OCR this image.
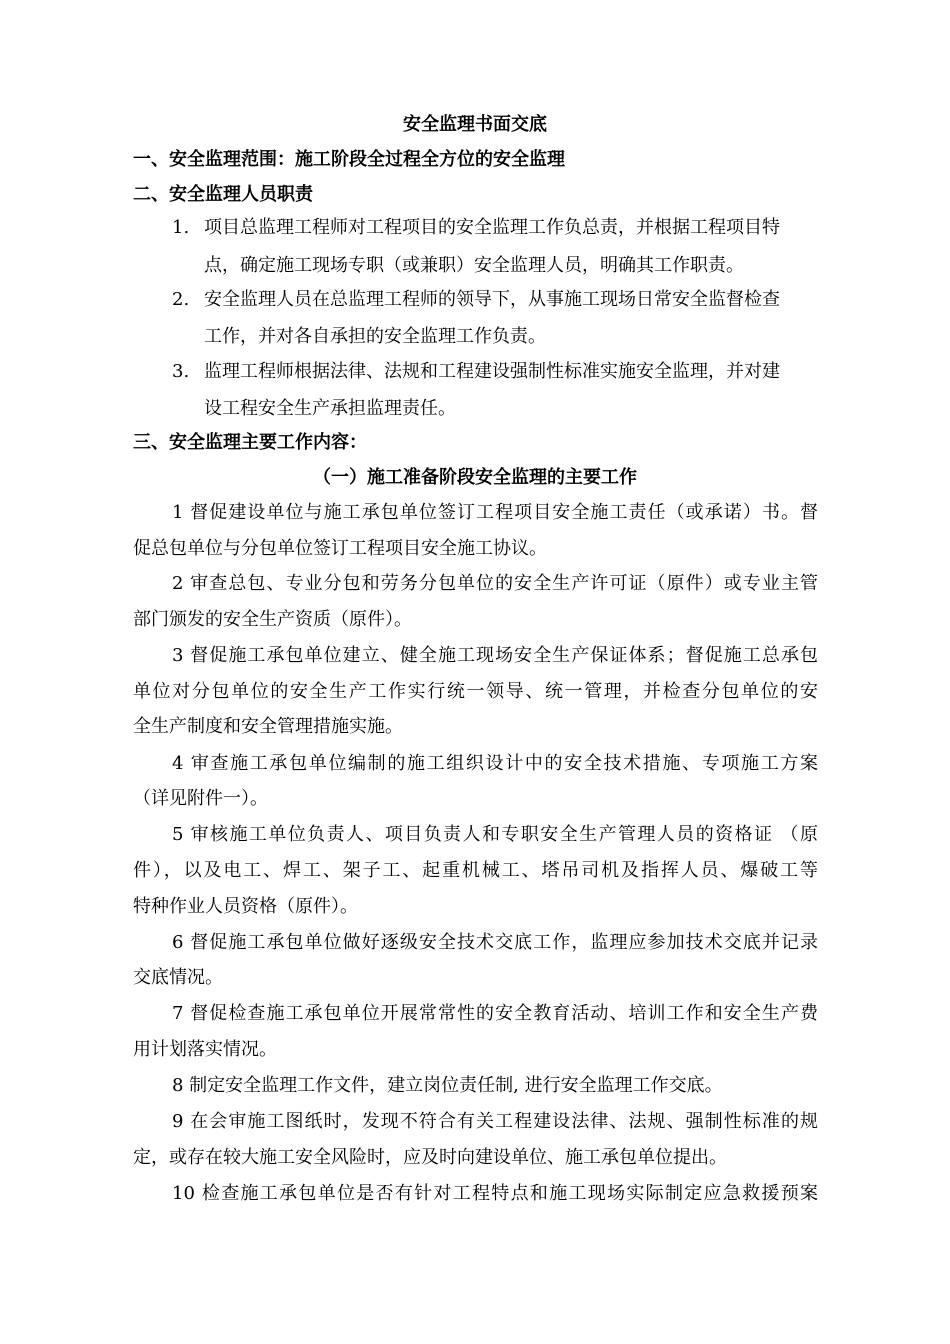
安全监理书面交底
一、安全监理范围：施工阶段全过程全方位的安全监理
二、安全监理人员职责
1. 项目总监理工程师对工程项目的安全监理工作负总责，并根据工程项目特
点，确定施工现场专职（或兼职）安全监理人员，明确其工作职责。
2. 安全监理人员在总监理工程师的领导下，从事施工现场日常安全监督检查
工作，并对各自承担的安全监理工作负责。
3. 监理工程师根据法律、法规和工程建设强制性标准实施安全监理，并对建
设工程安全生产承担监理责任。
三、安全监理主要工作内容：
（一）施工准备阶段安全监理的主要工作
1 督促建设单位与施工承包单位签订工程项目安全施工责任（或承诺）书。督
促总包单位与分包单位签订工程项目安全施工协议。
2 审查总包、专业分包和劳务分包单位的安全生产许可证（原件）或专业主管
部门颁发的安全生产资质（原件）。
3 督促施工承包单位建立、健全施工现场安全生产保证体系；督促施工总承包
单位对分包单位的安全生产工作实行统一领导、统一管理，并检查分包单位的安
全生产制度和安全管理措施实施。
4 审查施工承包单位编制的施工组织设计中的安全技术措施、专项施工方案
（详见附件一）。
5 审核施工单位负责人、项目负责人和专职安全生产管理人员的资格证 （原
件），以及电工、焊工、架子工、起重机械工、塔吊司机及指挥人员、爆破工等
特种作业人员资格（原件）。
6 督促施工承包单位做好逐级安全技术交底工作，监理应参加技术交底并记录
交底情况。
7 督促检查施工承包单位开展常常性的安全教育活动、培训工作和安全生产费
用计划落实情况。
8 制定安全监理工作文件，建立岗位责任制, 进行安全监理工作交底。
9 在会审施工图纸时，发现不符合有关工程建设法律、法规、强制性标准的规
定，或存在较大施工安全风险时，应及时向建设单位、施工承包单位提出。
10 检查施工承包单位是否有针对工程特点和施工现场实际制定应急救援预案
